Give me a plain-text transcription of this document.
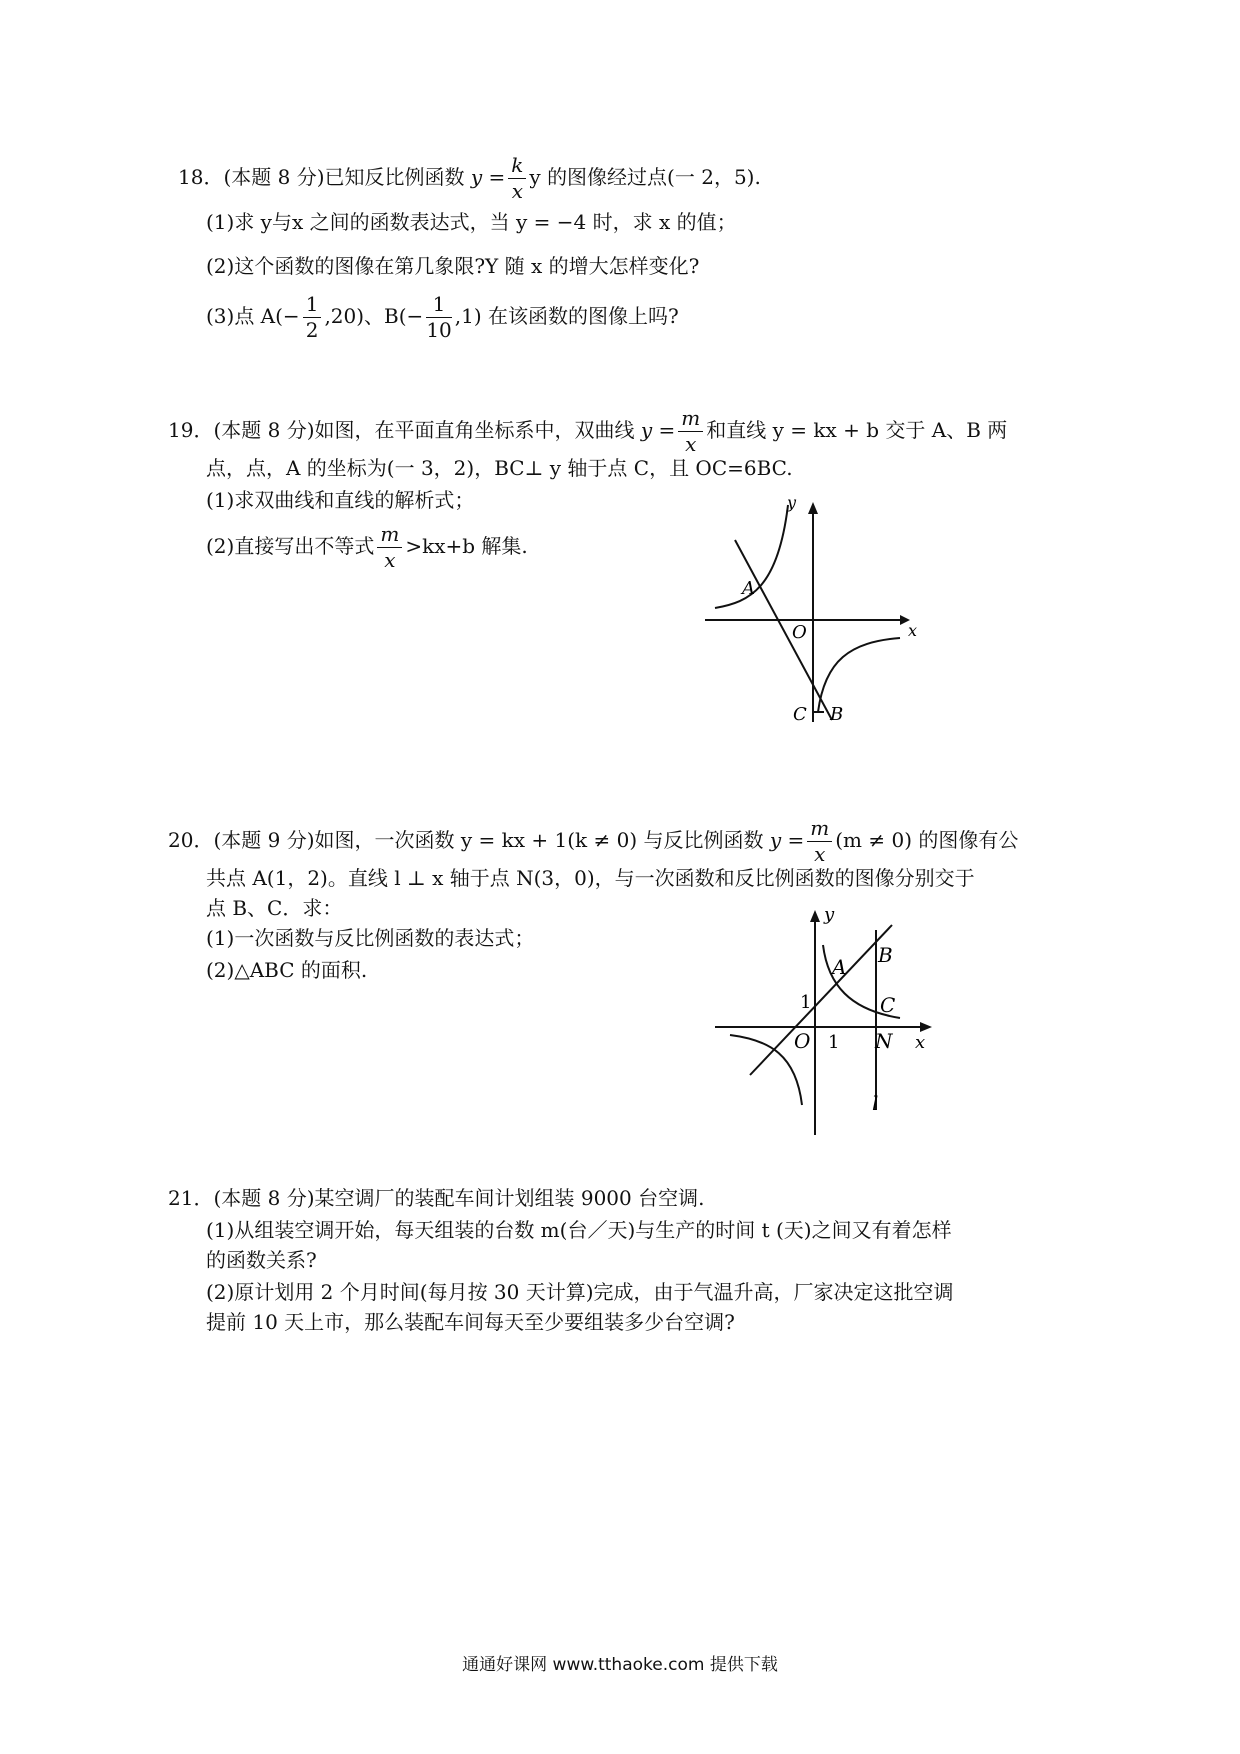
18．(本题 8 分)已知反比例函数 $y = \frac{k}{x}$ y 的图像经过点(一 2，5).
(1)求 y与x 之间的函数表达式，当 y = −4 时，求 x 的值；
(2)这个函数的图像在第几象限?Y 随 x 的增大怎样变化?
(3)点 $A(- \frac{1}{2} ,20)$、$B(- \frac{1}{10} ,1)$ 在该函数的图像上吗?
19．(本题 8 分)如图，在平面直角坐标系中，双曲线 $y = \frac{m}{x}$ 和直线 y = kx + b 交于 A、B 两
点，点，A 的坐标为(一 3，2)，BC⊥ y 轴于点 C，且 OC=6BC.
(1)求双曲线和直线的解析式；
(2)直接写出不等式 $\frac{m}{x} >kx+b$ 解集.
y
x
O
A
C B
20．(本题 9 分)如图，一次函数 y = kx + 1(k ≠ 0) 与反比例函数 $y = \frac{m}{x} (m \ne 0)$ 的图像有公
共点 A(1，2)。直线 l ⊥ x 轴于点 N(3，0)，与一次函数和反比例函数的图像分别交于
点 B、C．求：
(1)一次函数与反比例函数的表达式；
(2)△ABC 的面积.
y
x
O 1
1
A B
C
N
l
21．(本题 8 分)某空调厂的装配车间计划组装 9000 台空调.
(1)从组装空调开始，每天组装的台数 m(台／天)与生产的时间 t (天)之间又有着怎样
的函数关系?
(2)原计划用 2 个月时间(每月按 30 天计算)完成，由于气温升高，厂家决定这批空调
提前 10 天上市，那么装配车间每天至少要组装多少台空调?
通通好课网 www.tthaoke.com 提供下载
